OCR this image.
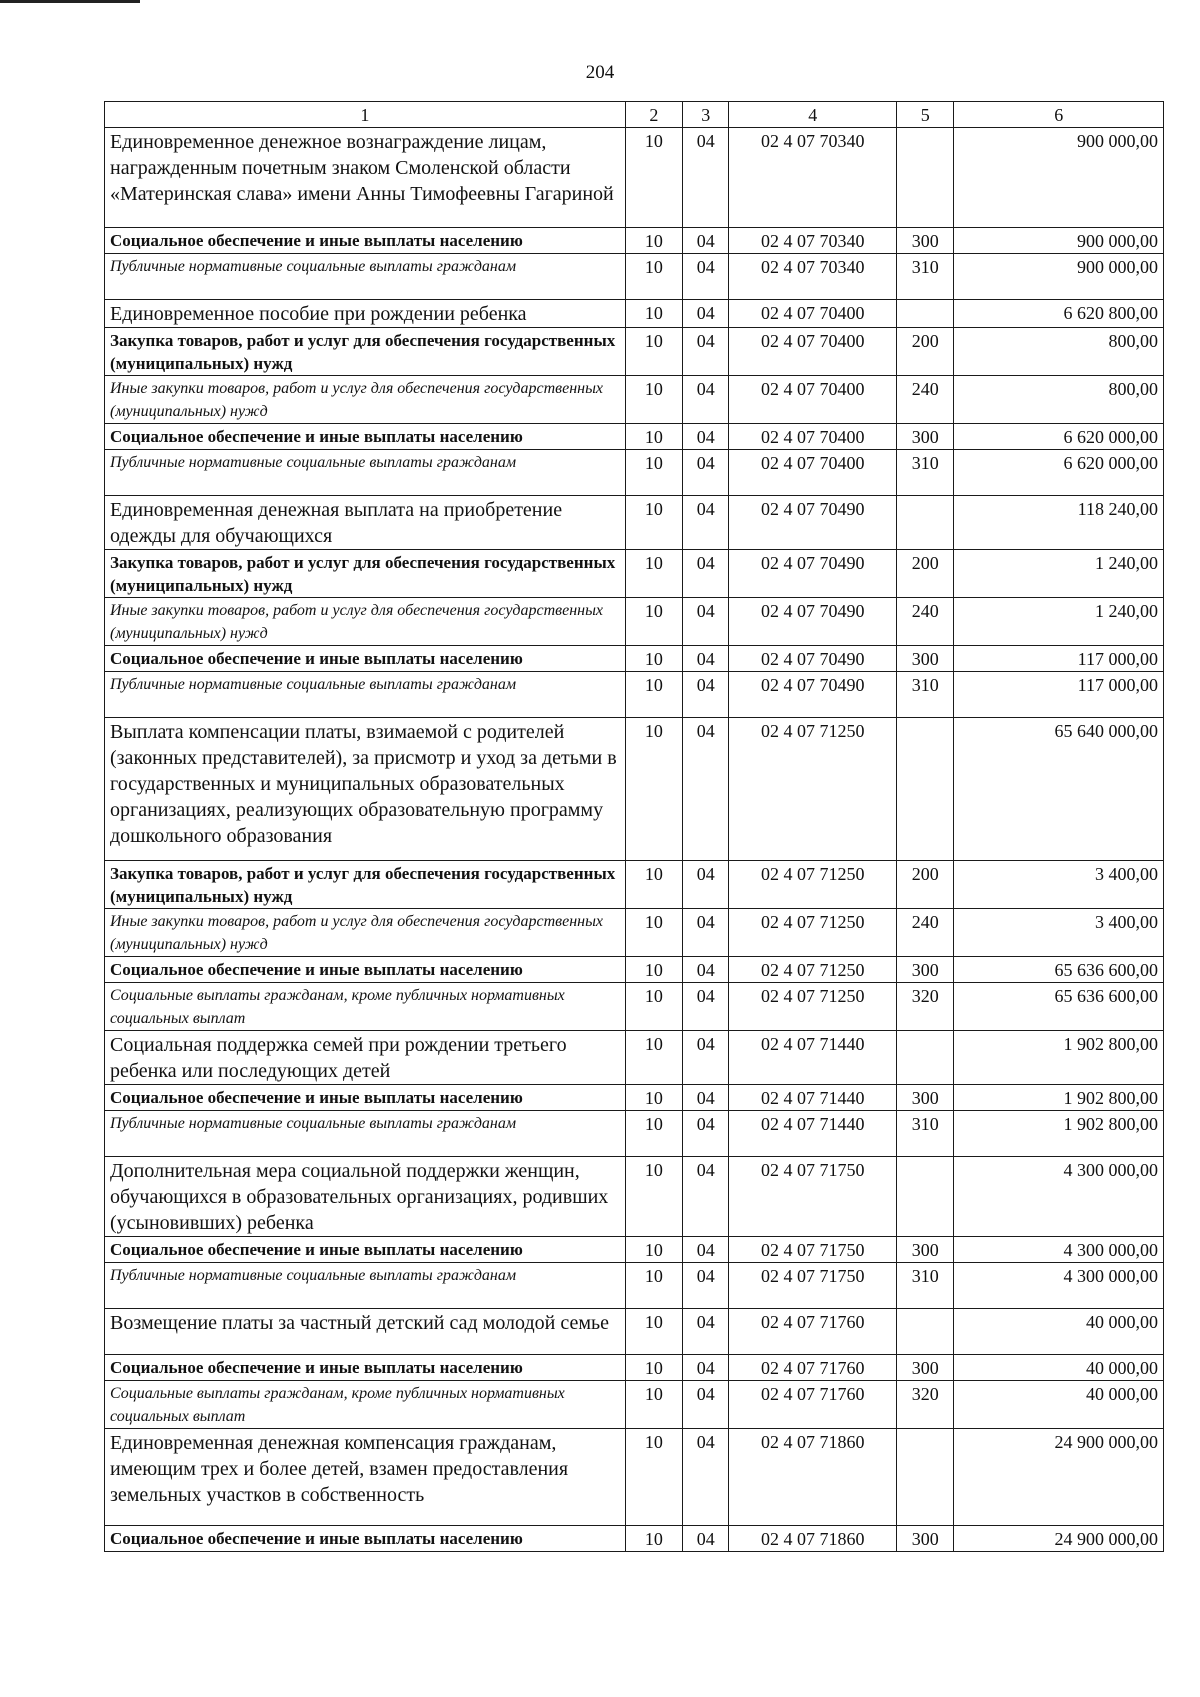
204
1	2	3	4	5	6
Единовременное денежное вознаграждение лицам, награжденным почетным знаком Смоленской области «Материнская слава» имени Анны Тимофеевны Гагариной	10	04	02 4 07 70340		900 000,00
Социальное обеспечение и иные выплаты населению	10	04	02 4 07 70340	300	900 000,00
Публичные нормативные социальные выплаты гражданам	10	04	02 4 07 70340	310	900 000,00
Единовременное пособие при рождении ребенка	10	04	02 4 07 70400		6 620 800,00
Закупка товаров, работ и услуг для обеспечения государственных (муниципальных) нужд	10	04	02 4 07 70400	200	800,00
Иные закупки товаров, работ и услуг для обеспечения государственных (муниципальных) нужд	10	04	02 4 07 70400	240	800,00
Социальное обеспечение и иные выплаты населению	10	04	02 4 07 70400	300	6 620 000,00
Публичные нормативные социальные выплаты гражданам	10	04	02 4 07 70400	310	6 620 000,00
Единовременная денежная выплата на приобретение одежды для обучающихся	10	04	02 4 07 70490		118 240,00
Закупка товаров, работ и услуг для обеспечения государственных (муниципальных) нужд	10	04	02 4 07 70490	200	1 240,00
Иные закупки товаров, работ и услуг для обеспечения государственных (муниципальных) нужд	10	04	02 4 07 70490	240	1 240,00
Социальное обеспечение и иные выплаты населению	10	04	02 4 07 70490	300	117 000,00
Публичные нормативные социальные выплаты гражданам	10	04	02 4 07 70490	310	117 000,00
Выплата компенсации платы, взимаемой с родителей (законных представителей), за присмотр и уход за детьми в государственных и муниципальных образовательных организациях, реализующих образовательную программу дошкольного образования	10	04	02 4 07 71250		65 640 000,00
Закупка товаров, работ и услуг для обеспечения государственных (муниципальных) нужд	10	04	02 4 07 71250	200	3 400,00
Иные закупки товаров, работ и услуг для обеспечения государственных (муниципальных) нужд	10	04	02 4 07 71250	240	3 400,00
Социальное обеспечение и иные выплаты населению	10	04	02 4 07 71250	300	65 636 600,00
Социальные выплаты гражданам, кроме публичных нормативных социальных выплат	10	04	02 4 07 71250	320	65 636 600,00
Социальная поддержка семей при рождении третьего ребенка или последующих детей	10	04	02 4 07 71440		1 902 800,00
Социальное обеспечение и иные выплаты населению	10	04	02 4 07 71440	300	1 902 800,00
Публичные нормативные социальные выплаты гражданам	10	04	02 4 07 71440	310	1 902 800,00
Дополнительная мера социальной поддержки женщин, обучающихся в образовательных организациях, родивших (усыновивших) ребенка	10	04	02 4 07 71750		4 300 000,00
Социальное обеспечение и иные выплаты населению	10	04	02 4 07 71750	300	4 300 000,00
Публичные нормативные социальные выплаты гражданам	10	04	02 4 07 71750	310	4 300 000,00
Возмещение платы за частный детский сад молодой семье	10	04	02 4 07 71760		40 000,00
Социальное обеспечение и иные выплаты населению	10	04	02 4 07 71760	300	40 000,00
Социальные выплаты гражданам, кроме публичных нормативных социальных выплат	10	04	02 4 07 71760	320	40 000,00
Единовременная денежная компенсация гражданам, имеющим трех и более детей, взамен предоставления земельных участков в собственность	10	04	02 4 07 71860		24 900 000,00
Социальное обеспечение и иные выплаты населению	10	04	02 4 07 71860	300	24 900 000,00
